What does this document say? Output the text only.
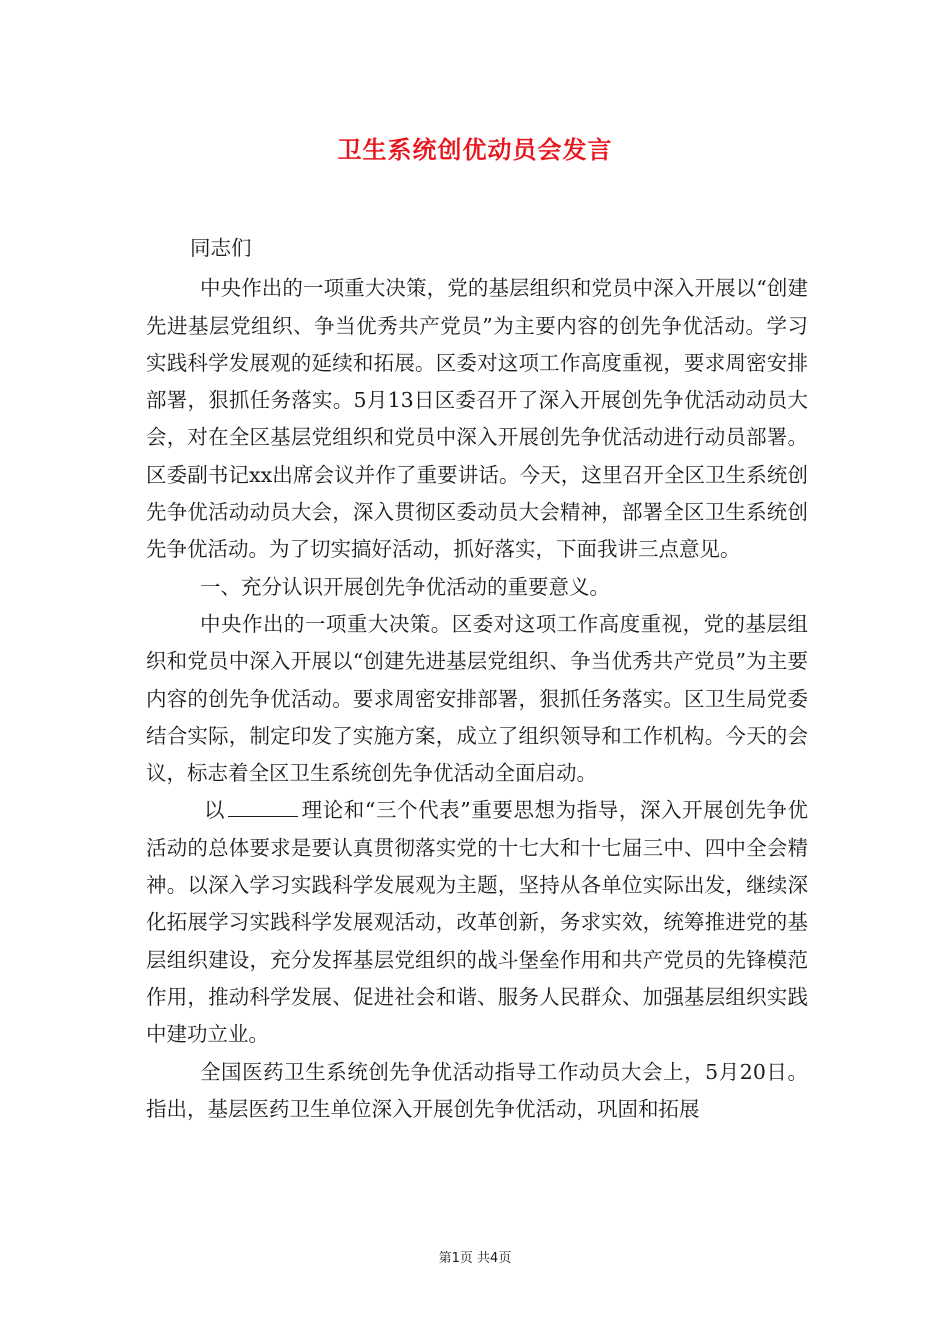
卫生系统创优动员会发言

同志们

中央作出的一项重大决策，党的基层组织和党员中深入开展以“创建先进基层党组织、争当优秀共产党员”为主要内容的创先争优活动。学习实践科学发展观的延续和拓展。区委对这项工作高度重视，要求周密安排部署，狠抓任务落实。5月13日区委召开了深入开展创先争优活动动员大会，对在全区基层党组织和党员中深入开展创先争优活动进行动员部署。区委副书记xx出席会议并作了重要讲话。今天，这里召开全区卫生系统创先争优活动动员大会，深入贯彻区委动员大会精神，部署全区卫生系统创先争优活动。为了切实搞好活动，抓好落实，下面我讲三点意见。

一、充分认识开展创先争优活动的重要意义。

中央作出的一项重大决策。区委对这项工作高度重视，党的基层组织和党员中深入开展以“创建先进基层党组织、争当优秀共产党员”为主要内容的创先争优活动。要求周密安排部署，狠抓任务落实。区卫生局党委结合实际，制定印发了实施方案，成立了组织领导和工作机构。今天的会议，标志着全区卫生系统创先争优活动全面启动。

以	理论和“三个代表”重要思想为指导，深入开展创先争优活动的总体要求是要认真贯彻落实党的十七大和十七届三中、四中全会精神。以深入学习实践科学发展观为主题，坚持从各单位实际出发，继续深化拓展学习实践科学发展观活动，改革创新，务求实效，统筹推进党的基层组织建设，充分发挥基层党组织的战斗堡垒作用和共产党员的先锋模范作用，推动科学发展、促进社会和谐、服务人民群众、加强基层组织实践中建功立业。

全国医药卫生系统创先争优活动指导工作动员大会上，5月20日。指出，基层医药卫生单位深入开展创先争优活动，巩固和拓展

第1页 共4页
